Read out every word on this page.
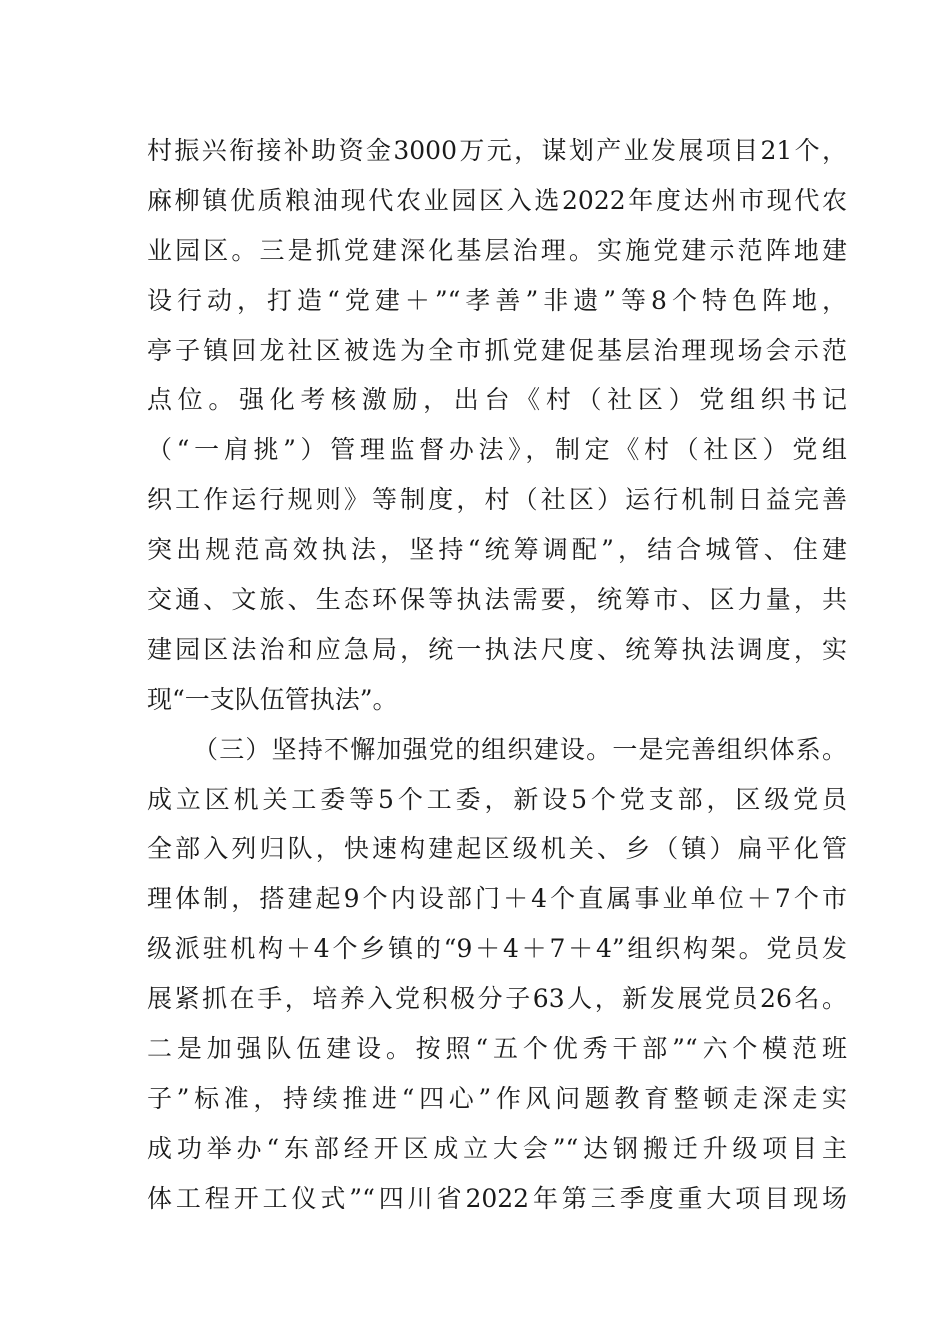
村振兴衔接补助资金3000万元，谋划产业发展项目21个，
麻柳镇优质粮油现代农业园区入选2022年度达州市现代农
业园区。三是抓党建深化基层治理。实施党建示范阵地建
设行动，打造“党建＋”“孝善”非遗”等8个特色阵地，
亭子镇回龙社区被选为全市抓党建促基层治理现场会示范
点位。强化考核激励，出台《村（社区）党组织书记
（“一肩挑”）管理监督办法》，制定《村（社区）党组
织工作运行规则》等制度，村（社区）运行机制日益完善
突出规范高效执法，坚持“统筹调配”，结合城管、住建
交通、文旅、生态环保等执法需要，统筹市、区力量，共
建园区法治和应急局，统一执法尺度、统筹执法调度，实
现“一支队伍管执法”。
（三）坚持不懈加强党的组织建设。一是完善组织体系。
成立区机关工委等5个工委，新设5个党支部，区级党员
全部入列归队，快速构建起区级机关、乡（镇）扁平化管
理体制，搭建起9个内设部门＋4个直属事业单位＋7个市
级派驻机构＋4个乡镇的“9＋4＋7＋4”组织构架。党员发
展紧抓在手，培养入党积极分子63人，新发展党员26名。
二是加强队伍建设。按照“五个优秀干部”“六个模范班
子”标准，持续推进“四心”作风问题教育整顿走深走实
成功举办“东部经开区成立大会”“达钢搬迁升级项目主
体工程开工仪式”“四川省2022年第三季度重大项目现场
